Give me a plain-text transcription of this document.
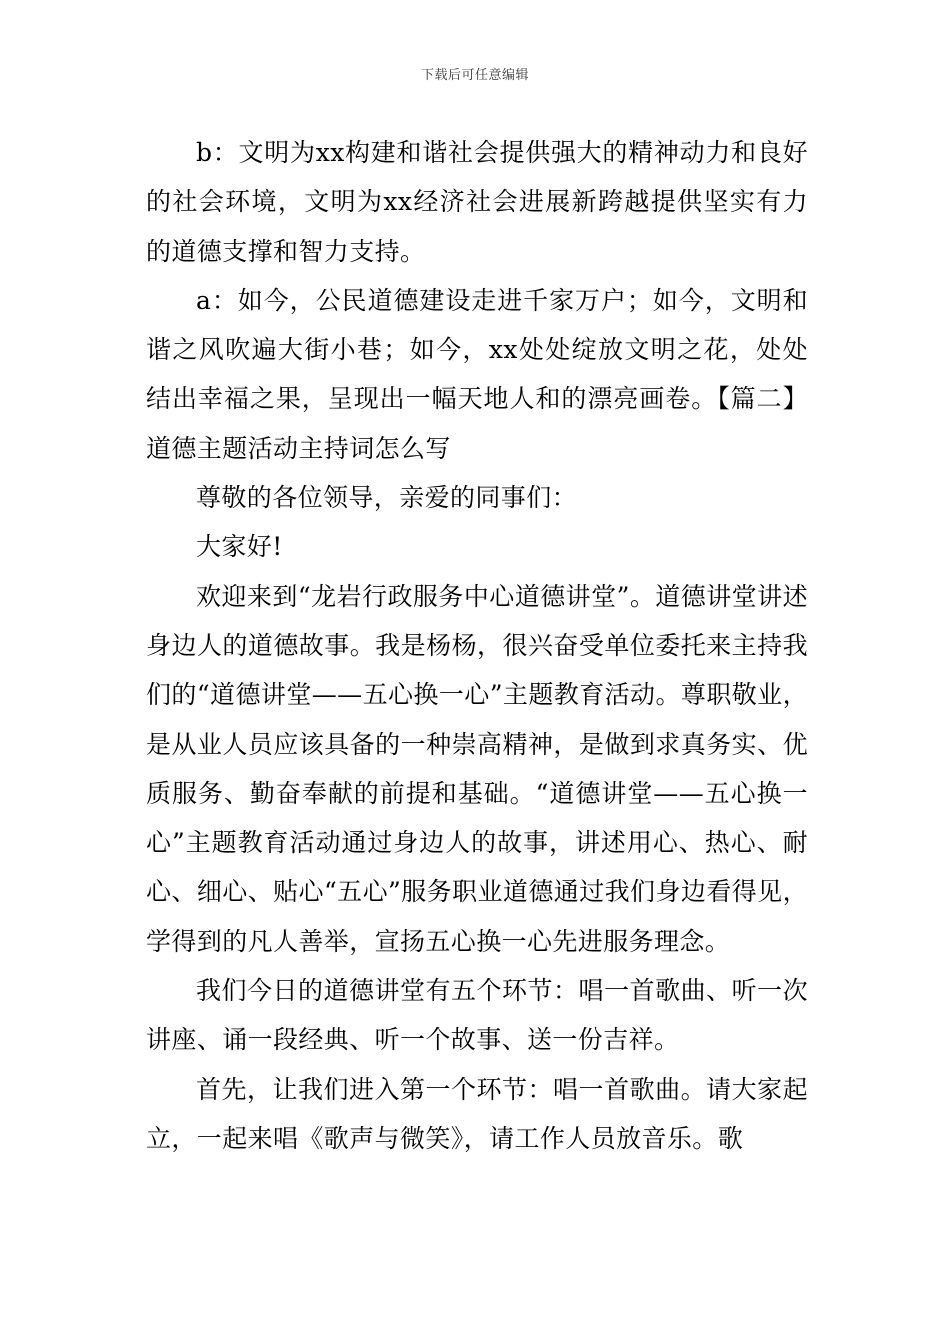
下载后可任意编辑

b：文明为xx构建和谐社会提供强大的精神动力和良好的社会环境，文明为xx经济社会进展新跨越提供坚实有力的道德支撑和智力支持。

a：如今，公民道德建设走进千家万户；如今，文明和谐之风吹遍大街小巷；如今，xx处处绽放文明之花，处处结出幸福之果，呈现出一幅天地人和的漂亮画卷。【篇二】道德主题活动主持词怎么写

尊敬的各位领导，亲爱的同事们：

大家好!

欢迎来到“龙岩行政服务中心道德讲堂”。道德讲堂讲述身边人的道德故事。我是杨杨，很兴奋受单位委托来主持我们的“道德讲堂——五心换一心”主题教育活动。尊职敬业，是从业人员应该具备的一种崇高精神，是做到求真务实、优质服务、勤奋奉献的前提和基础。“道德讲堂——五心换一心”主题教育活动通过身边人的故事，讲述用心、热心、耐心、细心、贴心“五心”服务职业道德通过我们身边看得见，学得到的凡人善举，宣扬五心换一心先进服务理念。

我们今日的道德讲堂有五个环节：唱一首歌曲、听一次讲座、诵一段经典、听一个故事、送一份吉祥。

首先，让我们进入第一个环节：唱一首歌曲。请大家起立，一起来唱《歌声与微笑》，请工作人员放音乐。歌
